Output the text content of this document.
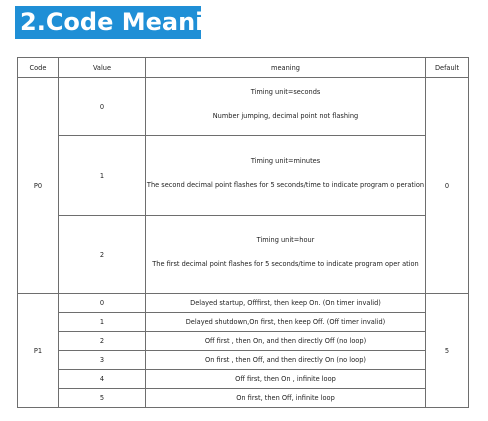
2.Code Meaning
Code	Value	meaning	Default
P0	0	Timing unit=seconds
Number jumping, decimal point not flashing	0
	1	Timing unit=minutes
The second decimal point flashes for 5 seconds/time to indicate program o peration	

	2	Timing unit=hour
The first decimal point flashes for 5 seconds/time to indicate program oper ation	

P1	0	Delayed startup, Offfirst, then keep On. (On timer invalid)	5
	1	Delayed shutdown,On first, then keep Off. (Off timer invalid)	
	2	Off first , then On, and then directly Off (no loop)	
	3	On first , then Off, and then directly On (no loop)	
	4	Off first, then On , infinite loop	
	5	On first, then Off, infinite loop	
